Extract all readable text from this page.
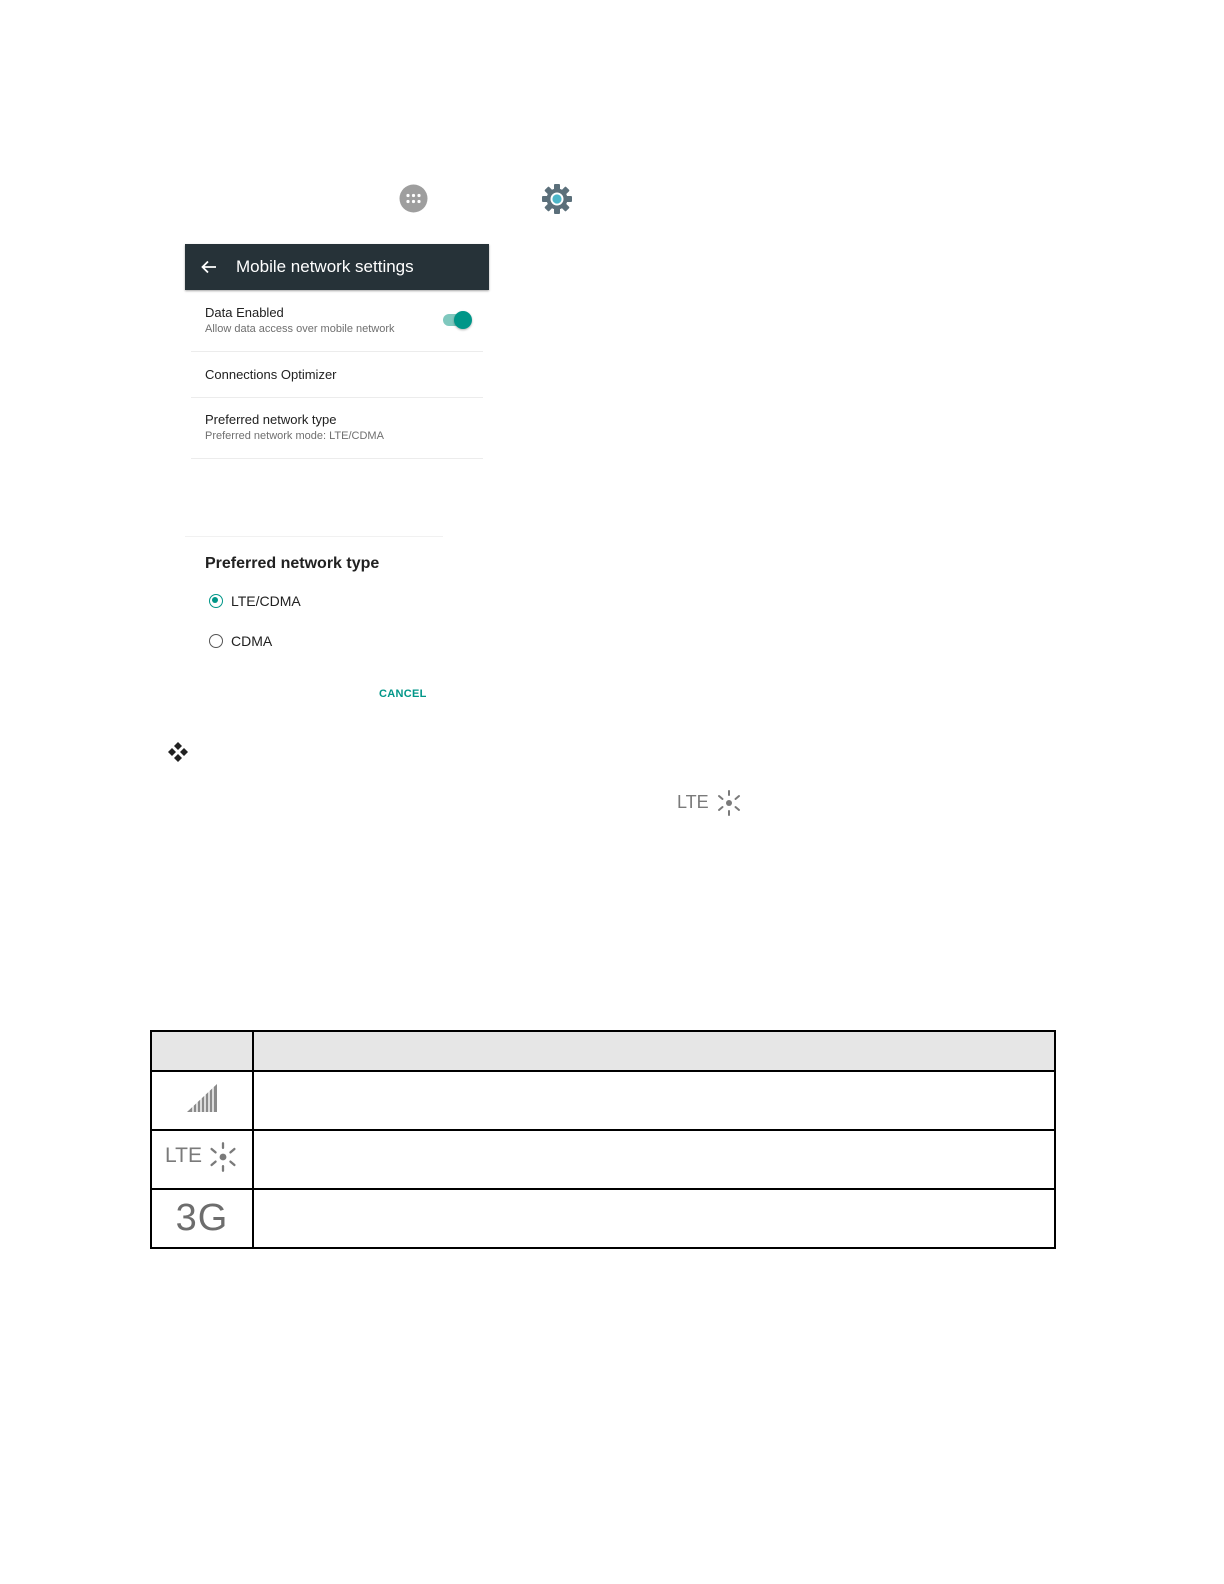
Mobile network settings
Data Enabled
Allow data access over mobile network
Connections Optimizer
Preferred network type
Preferred network mode: LTE/CDMA
Preferred network type
LTE/CDMA
CDMA
CANCEL
LTE

LTE	

3G	
